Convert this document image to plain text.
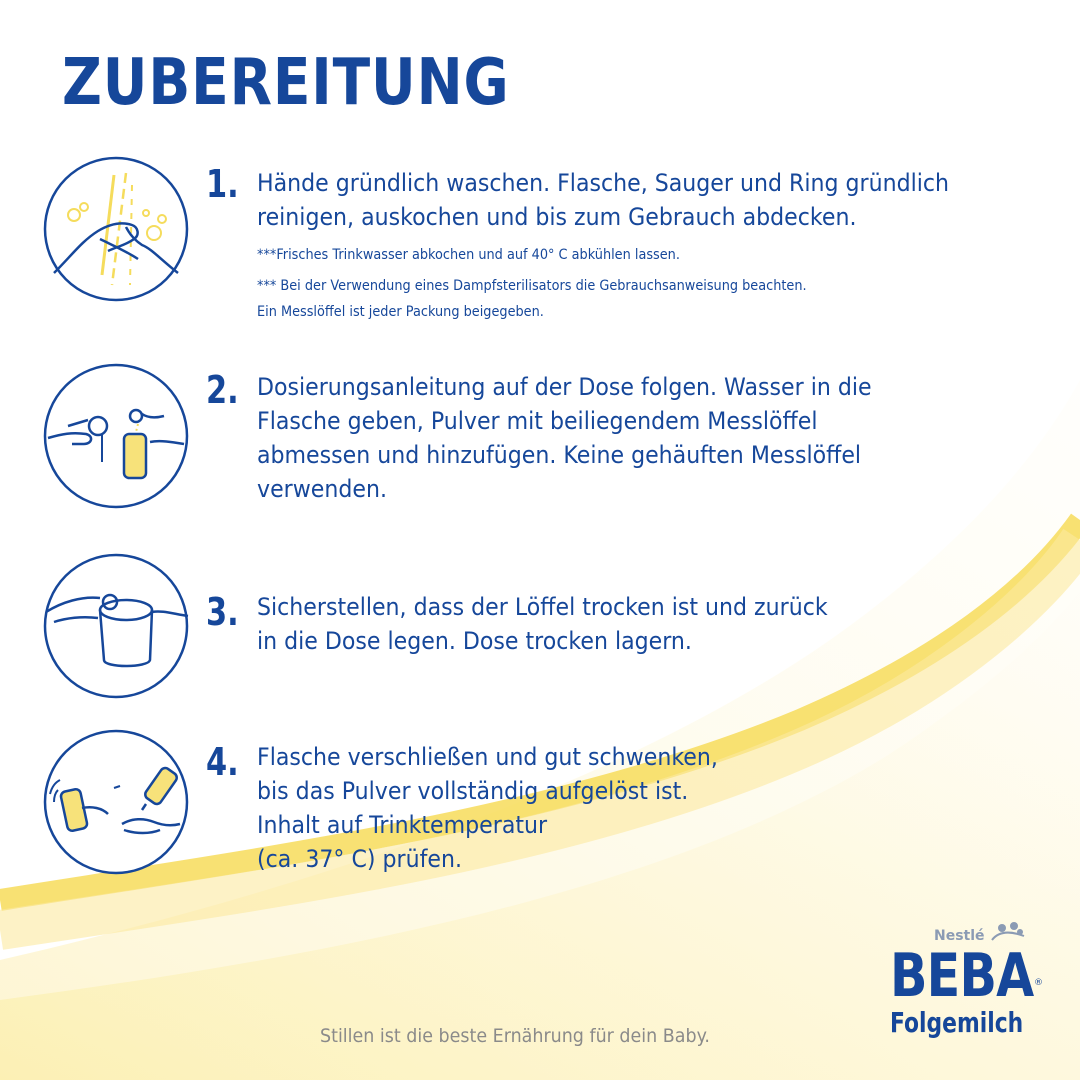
ZUBEREITUNG
1. Hände gründlich waschen. Flasche, Sauger und Ring gründlich
reinigen, auskochen und bis zum Gebrauch abdecken.
***Frisches Trinkwasser abkochen und auf 40° C abkühlen lassen.
*** Bei der Verwendung eines Dampfsterilisators die Gebrauchsanweisung beachten.
Ein Messlöffel ist jeder Packung beigegeben.
2. Dosierungsanleitung auf der Dose folgen. Wasser in die
Flasche geben, Pulver mit beiliegendem Messlöffel
abmessen und hinzufügen. Keine gehäuften Messlöffel
verwenden.
3. Sicherstellen, dass der Löffel trocken ist und zurück
in die Dose legen. Dose trocken lagern.
4. Flasche verschließen und gut schwenken,
bis das Pulver vollständig aufgelöst ist.
Inhalt auf Trinktemperatur
(ca. 37° C) prüfen.
Stillen ist die beste Ernährung für dein Baby.
Nestlé
BEBA ®
Folgemilch
